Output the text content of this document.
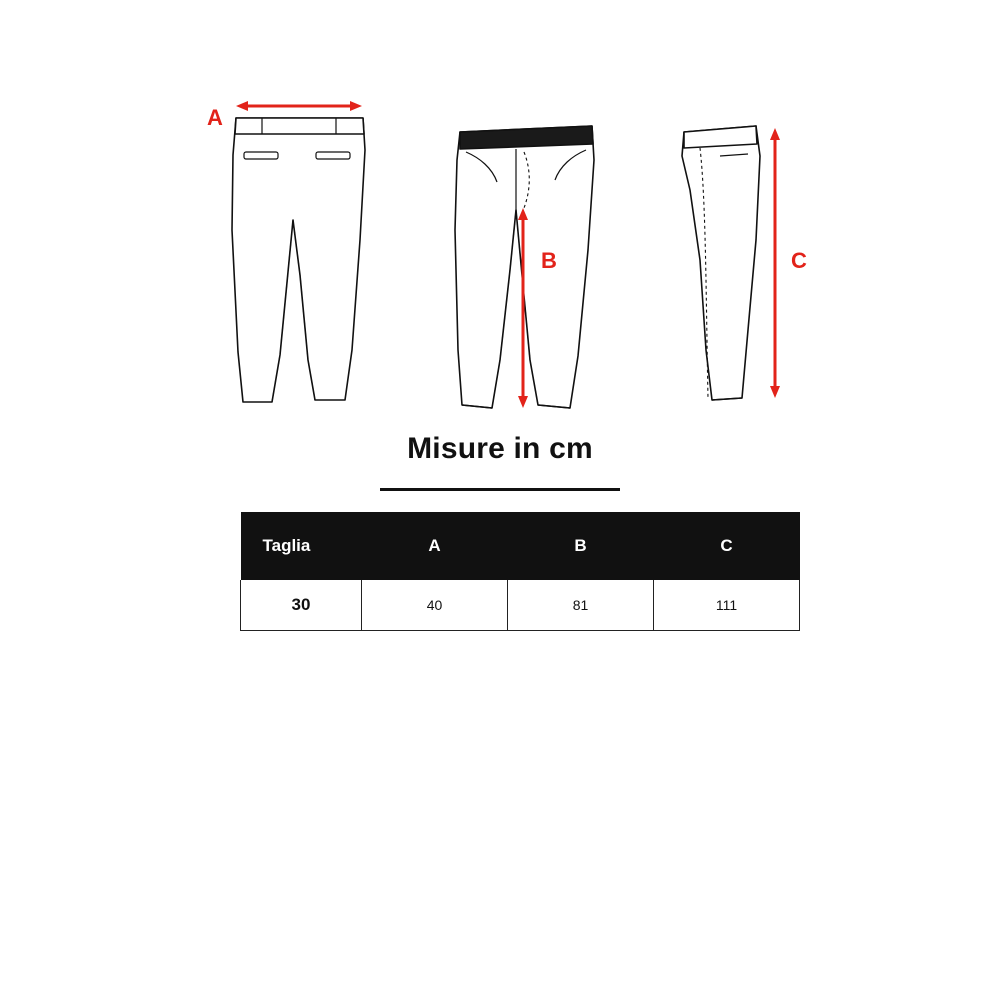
A
B	C

Misure in cm

Taglia	A	B	C
30	40	81	111
